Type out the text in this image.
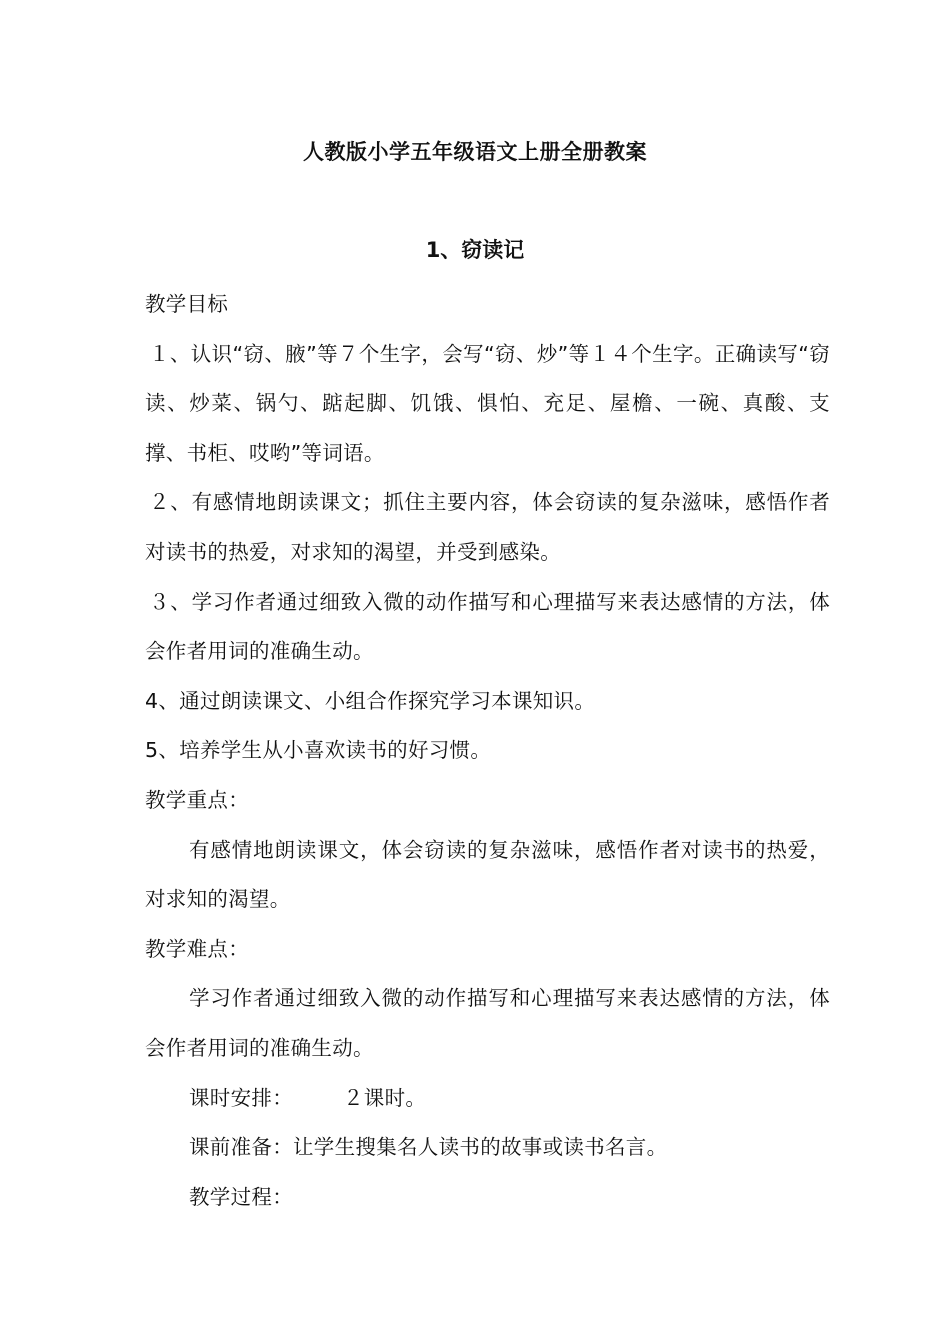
人教版小学五年级语文上册全册教案
1、窃读记

教学目标

１、认识“窃、腋”等７个生字，会写“窃、炒”等１４个生字。正确读写“窃读、炒菜、锅勺、踮起脚、饥饿、惧怕、充足、屋檐、一碗、真酸、支撑、书柜、哎哟”等词语。

２、有感情地朗读课文；抓住主要内容，体会窃读的复杂滋味，感悟作者对读书的热爱，对求知的渴望，并受到感染。

３、学习作者通过细致入微的动作描写和心理描写来表达感情的方法，体会作者用词的准确生动。

4、通过朗读课文、小组合作探究学习本课知识。

5、培养学生从小喜欢读书的好习惯。

教学重点：

有感情地朗读课文，体会窃读的复杂滋味，感悟作者对读书的热爱，对求知的渴望。

教学难点：

学习作者通过细致入微的动作描写和心理描写来表达感情的方法，体会作者用词的准确生动。

课时安排： ２课时。

课前准备：让学生搜集名人读书的故事或读书名言。

教学过程：
